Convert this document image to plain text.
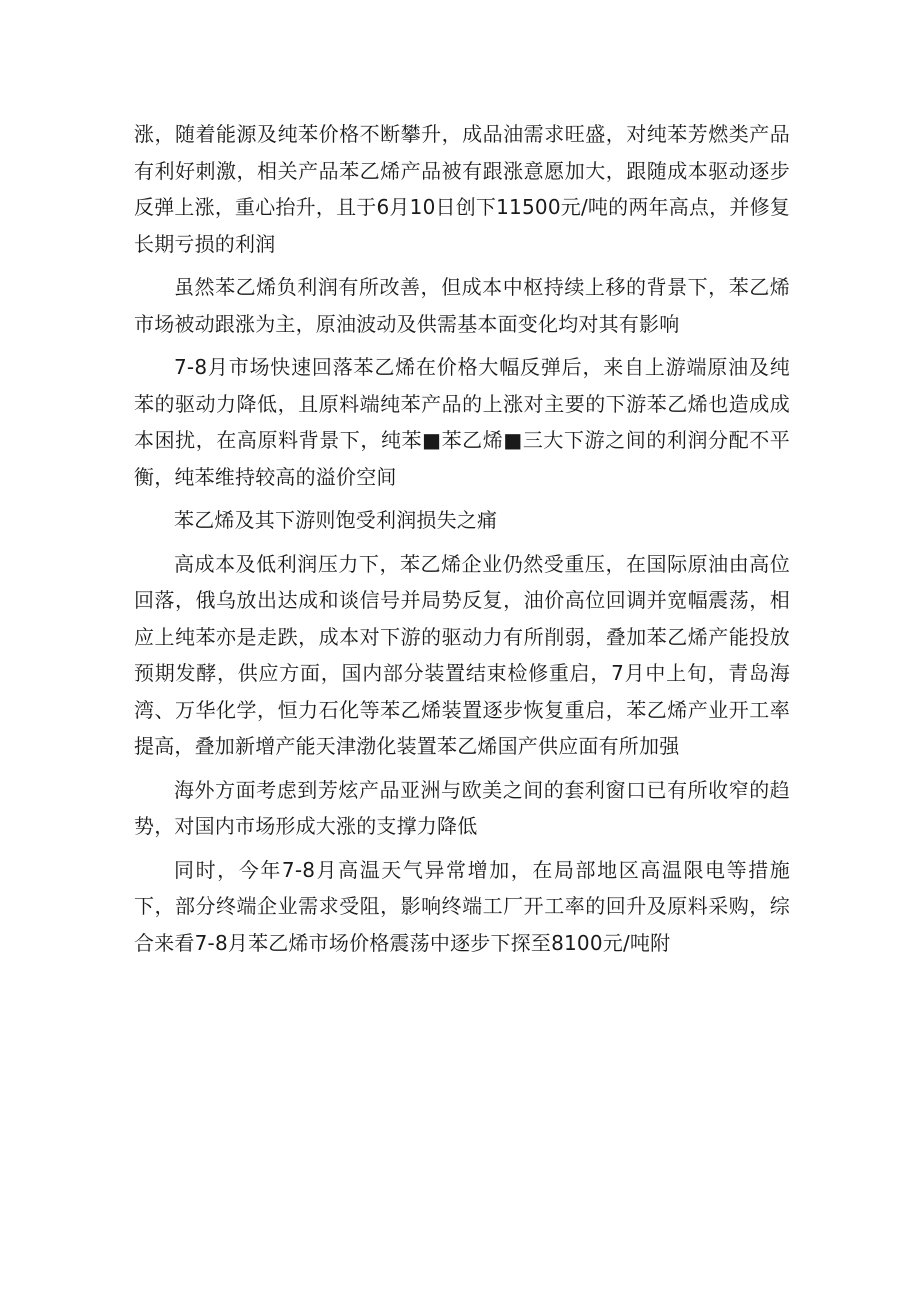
涨，随着能源及纯苯价格不断攀升，成品油需求旺盛，对纯苯芳燃类产品有利好刺激，相关产品苯乙烯产品被有跟涨意愿加大，跟随成本驱动逐步反弹上涨，重心抬升，且于6月10日创下11500元/吨的两年高点，并修复长期亏损的利润

虽然苯乙烯负利润有所改善，但成本中枢持续上移的背景下，苯乙烯市场被动跟涨为主，原油波动及供需基本面变化均对其有影响

7-8月市场快速回落苯乙烯在价格大幅反弹后，来自上游端原油及纯苯的驱动力降低，且原料端纯苯产品的上涨对主要的下游苯乙烯也造成成本困扰，在高原料背景下，纯苯■苯乙烯■三大下游之间的利润分配不平衡，纯苯维持较高的溢价空间

苯乙烯及其下游则饱受利润损失之痛

高成本及低利润压力下，苯乙烯企业仍然受重压，在国际原油由高位回落，俄乌放出达成和谈信号并局势反复，油价高位回调并宽幅震荡，相应上纯苯亦是走跌，成本对下游的驱动力有所削弱，叠加苯乙烯产能投放预期发酵，供应方面，国内部分装置结束检修重启，7月中上旬，青岛海湾、万华化学，恒力石化等苯乙烯装置逐步恢复重启，苯乙烯产业开工率提高，叠加新增产能天津渤化装置苯乙烯国产供应面有所加强

海外方面考虑到芳炫产品亚洲与欧美之间的套利窗口已有所收窄的趋势，对国内市场形成大涨的支撑力降低

同时，今年7-8月高温天气异常增加，在局部地区高温限电等措施下，部分终端企业需求受阻，影响终端工厂开工率的回升及原料采购，综合来看7-8月苯乙烯市场价格震荡中逐步下探至8100元/吨附
